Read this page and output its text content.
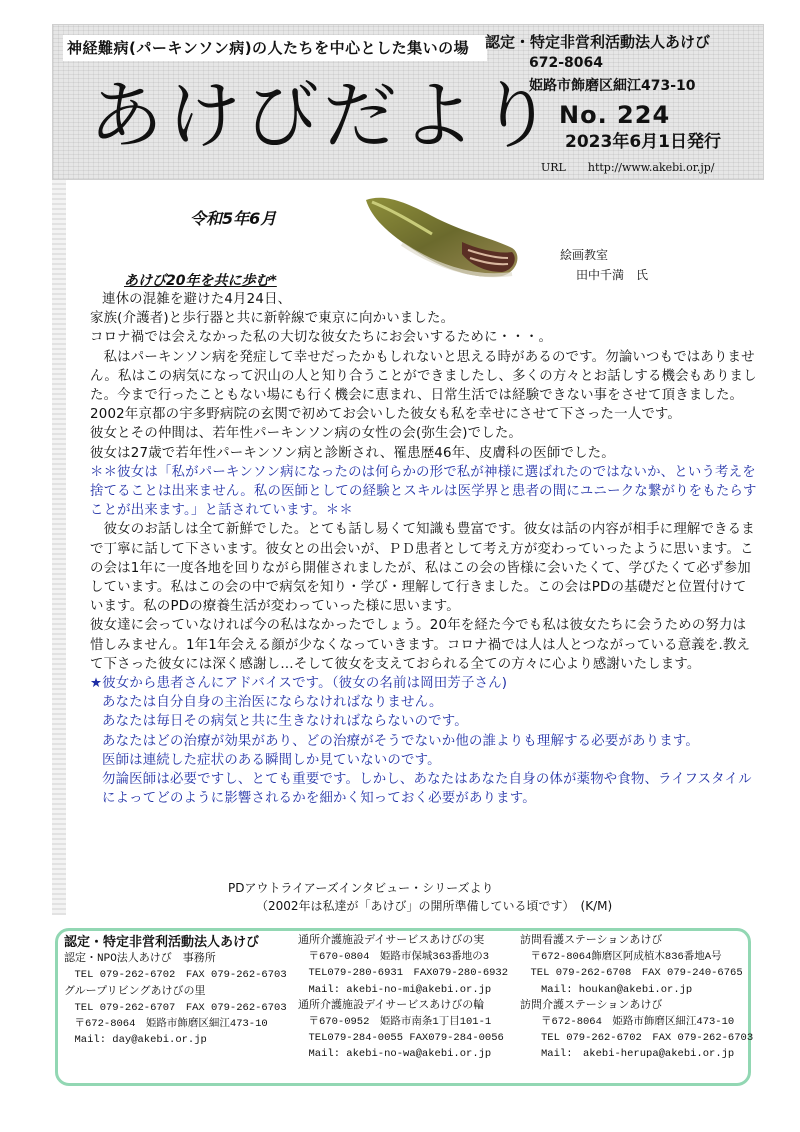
神経難病(パーキンソン病)の人たちを中心とした集いの場	認定・特定非営利活動法人あけび
672-8064
姫路市飾磨区細江473-10
あけびだより No. 224
2023年6月1日発行
URL　　http://www.akebi.or.jp/
令和5年6月
絵画教室
田中千満　氏
あけび20年を共に歩む*

連休の混雑を避けた4月24日、

家族(介護者)と歩行器と共に新幹線で東京に向かいました。

コロナ禍では会えなかった私の大切な彼女たちにお会いするために・・・。

　私はパーキンソン病を発症して幸せだったかもしれないと思える時があるのです。勿論いつもではありません。私はこの病気になって沢山の人と知り合うことができましたし、多くの方々とお話しする機会もありました。今まで行ったこともない場にも行く機会に恵まれ、日常生活では経験できない事をさせて頂きました。

2002年京都の宇多野病院の玄関で初めてお会いした彼女も私を幸せにさせて下さった一人です。

彼女とその仲間は、若年性パーキンソン病の女性の会(弥生会)でした。

彼女は27歳で若年性パーキンソン病と診断され、罹患歴46年、皮膚科の医師でした。

＊＊彼女は「私がパーキンソン病になったのは何らかの形で私が神様に選ばれたのではないか、という考えを捨てることは出来ません。私の医師としての経験とスキルは医学界と患者の間にユニークな繋がりをもたらすことが出来ます。」と話されています。＊＊

　彼女のお話しは全て新鮮でした。とても話し易くて知識も豊富です。彼女は話の内容が相手に理解できるまで丁寧に話して下さいます。彼女との出会いが、ＰＤ患者として考え方が変わっていったように思います。この会は1年に一度各地を回りながら開催されましたが、私はこの会の皆様に会いたくて、学びたくて必ず参加しています。私はこの会の中で病気を知り・学び・理解して行きました。この会はPDの基礎だと位置付けています。私のPDの療養生活が変わっていった様に思います。

彼女達に会っていなければ今の私はなかったでしょう。20年を経た今でも私は彼女たちに会うための努力は惜しみません。1年1年会える顔が少なくなっていきます。コロナ禍では人は人とつながっている意義を.教えて下さった彼女には深く感謝し…そして彼女を支えておられる全ての方々に心より感謝いたします。

★彼女から患者さんにアドバイスです。（彼女の名前は岡田芳子さん)

あなたは自分自身の主治医にならなければなりません。

あなたは毎日その病気と共に生きなければならないのです。

あなたはどの治療が効果があり、どの治療がそうでないか他の誰よりも理解する必要があります。

医師は連続した症状のある瞬間しか見ていないのです。

勿論医師は必要ですし、とても重要です。しかし、あなたはあなた自身の体が薬物や食物、ライフスタイルによってどのように影響されるかを細かく知っておく必要があります。

PDアウトライアーズインタビュー・シリーズより
（2002年は私達が「あけび」の開所準備している頃です）　(K/M)
認定・特定非営利活動法人あけび
認定・NPO法人あけび　事務所
　TEL 079-262-6702　FAX 079-262-6703
グループリビングあけびの里
　TEL 079-262-6707　FAX 079-262-6703
　〒672-8064　姫路市飾磨区細江473-10
　Mail: day@akebi.or.jp
通所介護施設デイサービスあけびの実
　〒670-0804　姫路市保城363番地の3
　TEL079-280-6931　FAX079-280-6932
　Mail: akebi-no-mi@akebi.or.jp
通所介護施設デイサービスあけびの輪
　〒670-0952　姫路市南条1丁目101-1
　TEL079-284-0055 FAX079-284-0056
　Mail: akebi-no-wa@akebi.or.jp
訪問看護ステーションあけび
　〒672-8064飾磨区阿成植木836番地A号
　TEL 079-262-6708　FAX 079-240-6765
　　Mail: houkan@akebi.or.jp
訪問介護ステーションあけび
　　〒672-8064　姫路市飾磨区細江473-10
　　TEL 079-262-6702　FAX 079-262-6703
　　Mail:　akebi-herupa@akebi.or.jp
